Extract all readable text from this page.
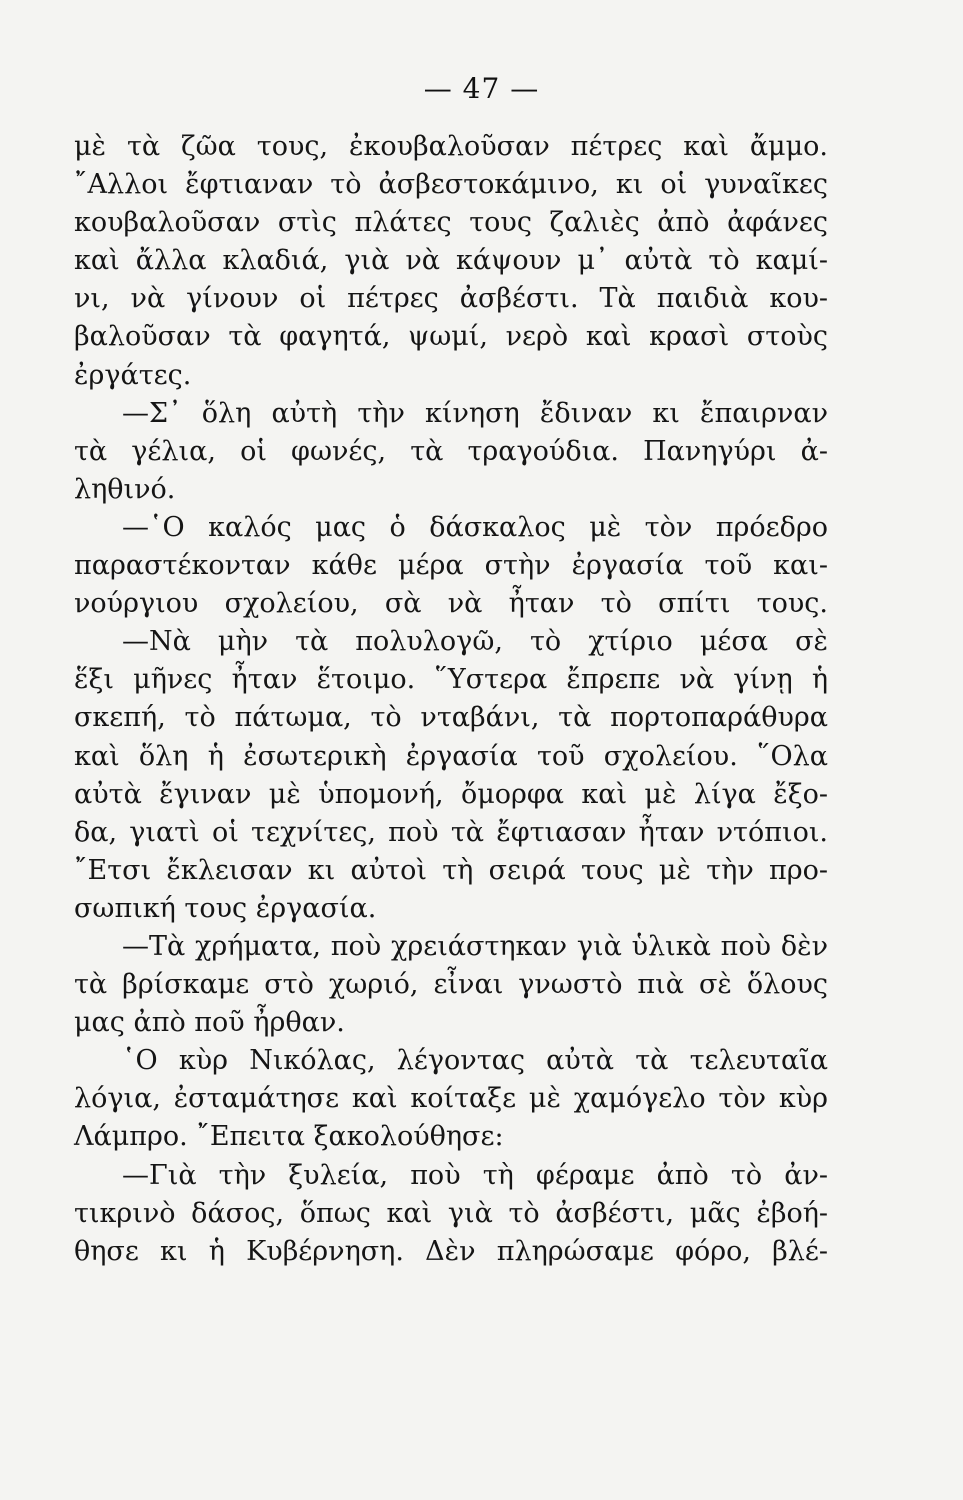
— 47 —
μὲ τὰ ζῶα τους, ἐκουβαλοῦσαν πέτρες καὶ ἄμμο.
῎Αλλοι ἔφτιαναν τὸ ἀσβεστοκάμινο, κι οἱ γυναῖκες
κουβαλοῦσαν στὶς πλάτες τους ζαλιὲς ἀπὸ ἀφάνες
καὶ ἄλλα κλαδιά, γιὰ νὰ κάψουν μ᾿ αὐτὰ τὸ καμί-
νι, νὰ γίνουν οἱ πέτρες ἀσβέστι. Τὰ παιδιὰ κου-
βαλοῦσαν τὰ φαγητά, ψωμί, νερὸ καὶ κρασὶ στοὺς
ἐργάτες.
—Σ᾿ ὅλη αὐτὴ τὴν κίνηση ἔδιναν κι ἔπαιρναν
τὰ γέλια, οἱ φωνές, τὰ τραγούδια. Πανηγύρι ἀ-
ληθινό.
—῾Ο καλός μας ὁ δάσκαλος μὲ τὸν πρόεδρο
παραστέκονταν κάθε μέρα στὴν ἐργασία τοῦ και-
νούργιου σχολείου, σὰ νὰ ἦταν τὸ σπίτι τους.
—Νὰ μὴν τὰ πολυλογῶ, τὸ χτίριο μέσα σὲ
ἕξι μῆνες ἦταν ἕτοιμο. ῞Υστερα ἔπρεπε νὰ γίνῃ ἡ
σκεπή, τὸ πάτωμα, τὸ νταβάνι, τὰ πορτοπαράθυρα
καὶ ὅλη ἡ ἐσωτερικὴ ἐργασία τοῦ σχολείου. ῞Ολα
αὐτὰ ἔγιναν μὲ ὑπομονή, ὄμορφα καὶ μὲ λίγα ἔξο-
δα, γιατὶ οἱ τεχνίτες, ποὺ τὰ ἔφτιασαν ἦταν ντόπιοι.
῎Ετσι ἔκλεισαν κι αὐτοὶ τὴ σειρά τους μὲ τὴν προ-
σωπική τους ἐργασία.
—Τὰ χρήματα, ποὺ χρειάστηκαν γιὰ ὑλικὰ ποὺ δὲν
τὰ βρίσκαμε στὸ χωριό, εἶναι γνωστὸ πιὰ σὲ ὅλους
μας ἀπὸ ποῦ ἦρθαν.
῾Ο κὺρ Νικόλας, λέγοντας αὐτὰ τὰ τελευταῖα
λόγια, ἐσταμάτησε καὶ κοίταξε μὲ χαμόγελο τὸν κὺρ
Λάμπρο. ῎Επειτα ξακολούθησε:
—Γιὰ τὴν ξυλεία, ποὺ τὴ φέραμε ἀπὸ τὸ ἀν-
τικρινὸ δάσος, ὅπως καὶ γιὰ τὸ ἀσβέστι, μᾶς ἐβοή-
θησε κι ἡ Κυβέρνηση. Δὲν πληρώσαμε φόρο, βλέ-
